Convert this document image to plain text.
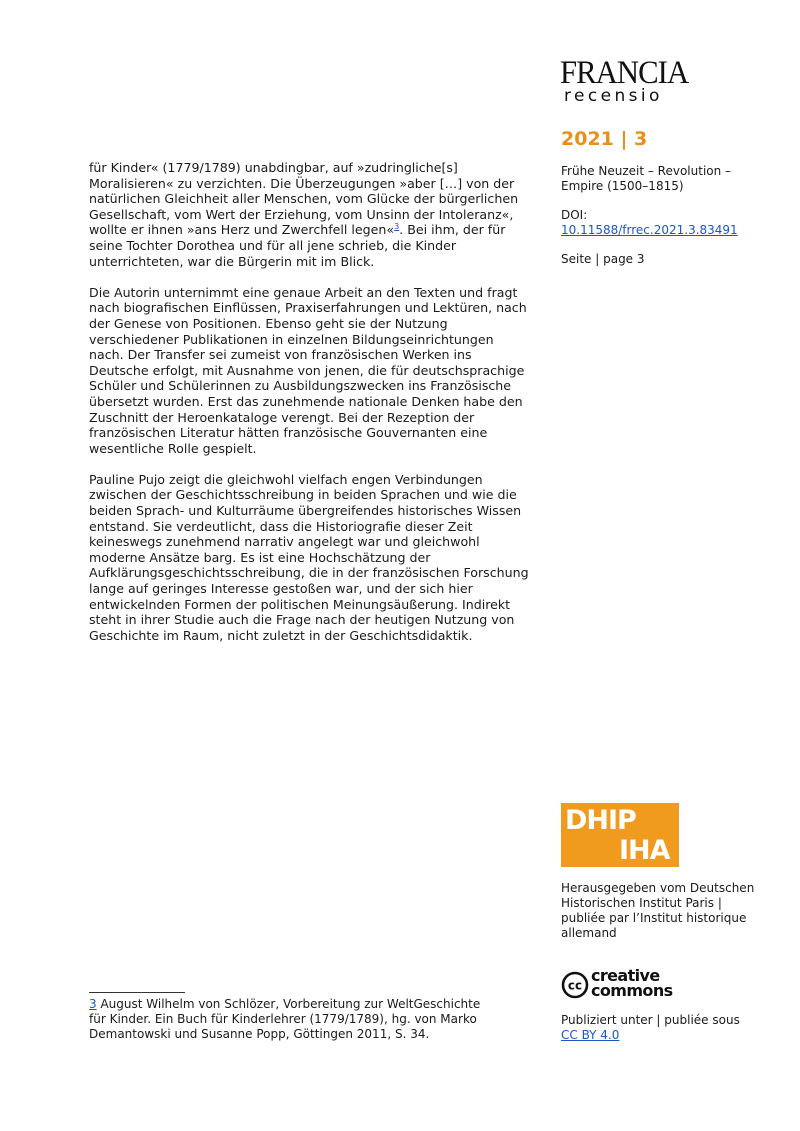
FRANCIA
recensio
2021 | 3
Frühe Neuzeit – Revolution – Empire (1500–1815)
DOI:
10.11588/frrec.2021.3.83491
Seite | page 3

für Kinder« (1779/1789) unabdingbar, auf »zudringliche[s] Moralisieren« zu verzichten. Die Überzeugungen »aber […] von der natürlichen Gleichheit aller Menschen, vom Glücke der bürgerlichen Gesellschaft, vom Wert der Erziehung, vom Unsinn der Intoleranz«, wollte er ihnen »ans Herz und Zwerchfell legen«$^3$. Bei ihm, der für seine Tochter Dorothea und für all jene schrieb, die Kinder unterrichteten, war die Bürgerin mit im Blick.

Die Autorin unternimmt eine genaue Arbeit an den Texten und fragt nach biografischen Einflüssen, Praxiserfahrungen und Lektüren, nach der Genese von Positionen. Ebenso geht sie der Nutzung verschiedener Publikationen in einzelnen Bildungseinrichtungen nach. Der Transfer sei zumeist von französischen Werken ins Deutsche erfolgt, mit Ausnahme von jenen, die für deutschsprachige Schüler und Schülerinnen zu Ausbildungszwecken ins Französische übersetzt wurden. Erst das zunehmende nationale Denken habe den Zuschnitt der Heroenkataloge verengt. Bei der Rezeption der französischen Literatur hätten französische Gouvernanten eine wesentliche Rolle gespielt.

Pauline Pujo zeigt die gleichwohl vielfach engen Verbindungen zwischen der Geschichtsschreibung in beiden Sprachen und wie die beiden Sprach- und Kulturräume übergreifendes historisches Wissen entstand. Sie verdeutlicht, dass die Historiografie dieser Zeit keineswegs zunehmend narrativ angelegt war und gleichwohl moderne Ansätze barg. Es ist eine Hochschätzung der Aufklärungsgeschichtsschreibung, die in der französischen Forschung lange auf geringes Interesse gestoßen war, und der sich hier entwickelnden Formen der politischen Meinungsäußerung. Indirekt steht in ihrer Studie auch die Frage nach der heutigen Nutzung von Geschichte im Raum, nicht zuletzt in der Geschichtsdidaktik.

DHIP
IHA
Herausgegeben vom Deutschen Historischen Institut Paris | publiée par l’Institut historique allemand
cc
creative
commons
Publiziert unter | publiée sous
CC BY 4.0
3 August Wilhelm von Schlözer, Vorbereitung zur WeltGeschichte für Kinder. Ein Buch für Kinderlehrer (1779/1789), hg. von Marko Demantowski und Susanne Popp, Göttingen 2011, S. 34.
